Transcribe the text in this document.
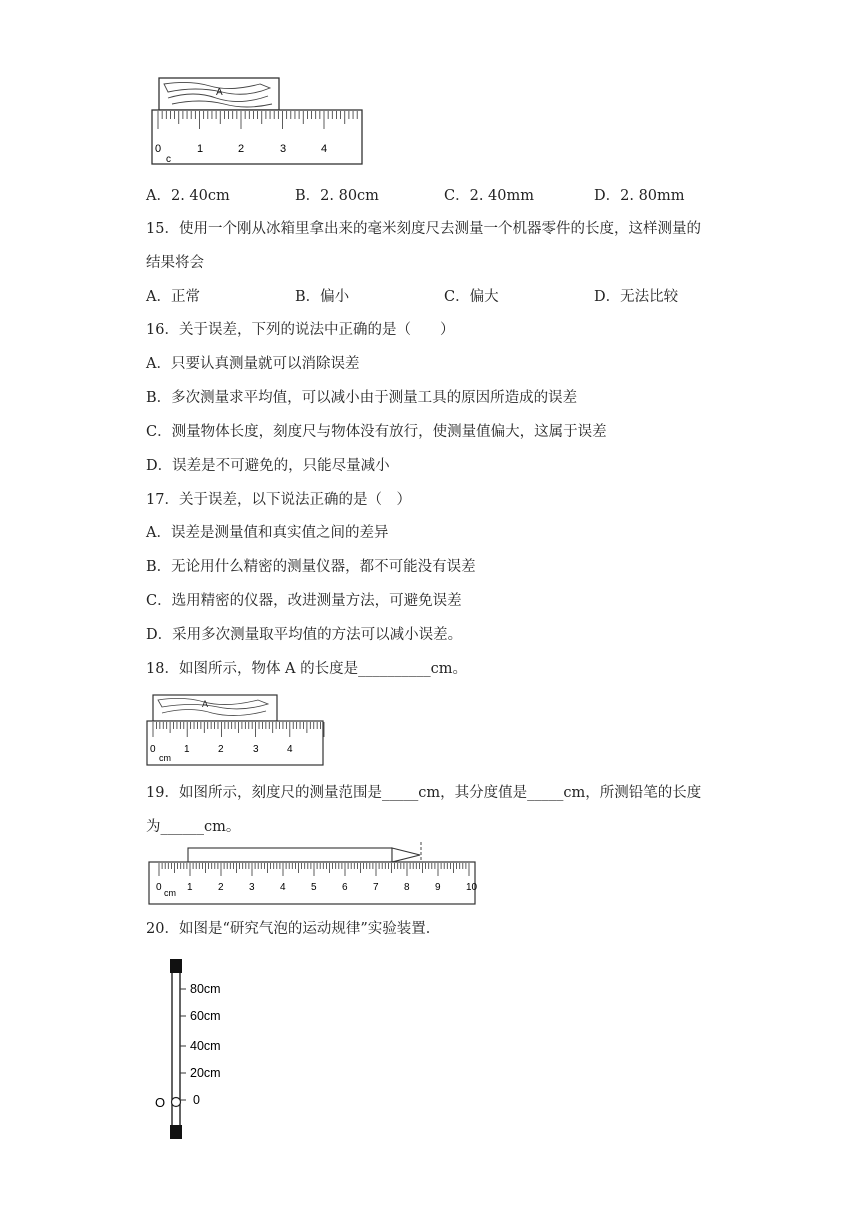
A
0	1	2	3	4
c
A．2. 40cm	B．2. 80cm	C．2. 40mm	D．2. 80mm
15．使用一个刚从冰箱里拿出来的毫米刻度尺去测量一个机器零件的长度，这样测量的
结果将会
A．正常	B．偏小	C．偏大	D．无法比较
16．关于误差，下列的说法中正确的是（　　）
A．只要认真测量就可以消除误差
B．多次测量求平均值，可以减小由于测量工具的原因所造成的误差
C．测量物体长度，刻度尺与物体没有放行，使测量值偏大，这属于误差
D．误差是不可避免的，只能尽量减小
17．关于误差，以下说法正确的是（　）
A．误差是测量值和真实值之间的差异
B．无论用什么精密的测量仪器，都不可能没有误差
C．选用精密的仪器，改进测量方法，可避免误差
D．采用多次测量取平均值的方法可以减小误差。
18．如图所示，物体 A 的长度是__________cm。
A
0	1	2	3	4
cm
19．如图所示，刻度尺的测量范围是_____cm，其分度值是_____cm，所测铅笔的长度
为______cm。
0	1	2	3	4	5	6	7	8	9	10
cm
20．如图是“研究气泡的运动规律”实验装置．
80cm
60cm
40cm
20cm
0
O
